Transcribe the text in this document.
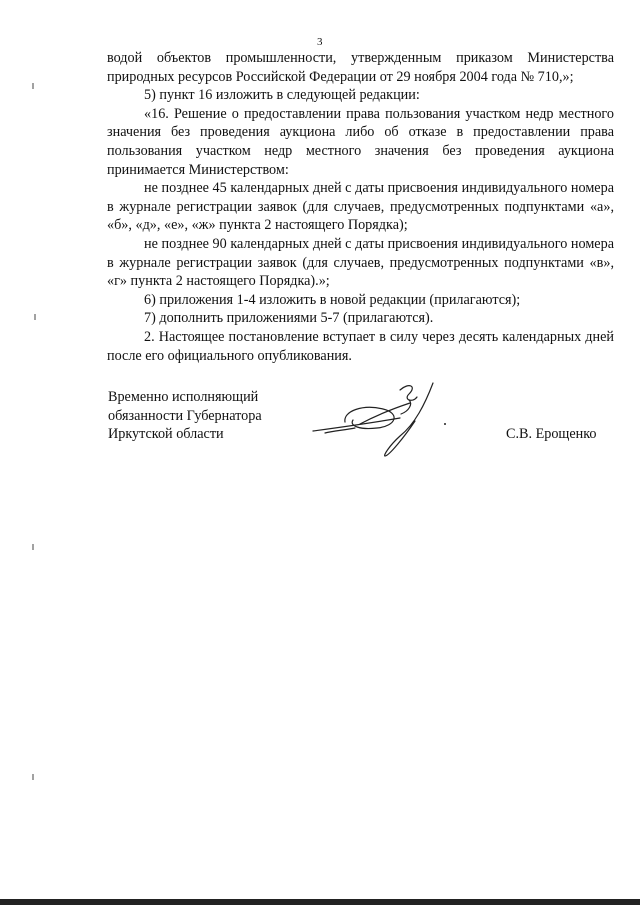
3

водой объектов промышленности, утвержденным приказом Министерства природных ресурсов Российской Федерации от 29 ноября 2004 года № 710,»;

5) пункт 16 изложить в следующей редакции:

«16. Решение о предоставлении права пользования участком недр местного значения без проведения аукциона либо об отказе в предоставлении права пользования участком недр местного значения без проведения аукциона принимается Министерством:

не позднее 45 календарных дней с даты присвоения индивидуального номера в журнале регистрации заявок (для случаев, предусмотренных подпунктами «а», «б», «д», «е», «ж» пункта 2 настоящего Порядка);

не позднее 90 календарных дней с даты присвоения индивидуального номера в журнале регистрации заявок (для случаев, предусмотренных подпунктами «в», «г» пункта 2 настоящего Порядка).»;

6) приложения 1-4 изложить в новой редакции (прилагаются);

7) дополнить приложениями 5-7 (прилагаются).

2. Настоящее постановление вступает в силу через десять календарных дней после его официального опубликования.

Временно исполняющий
обязанности Губернатора
Иркутской области	С.В. Ерощенко
